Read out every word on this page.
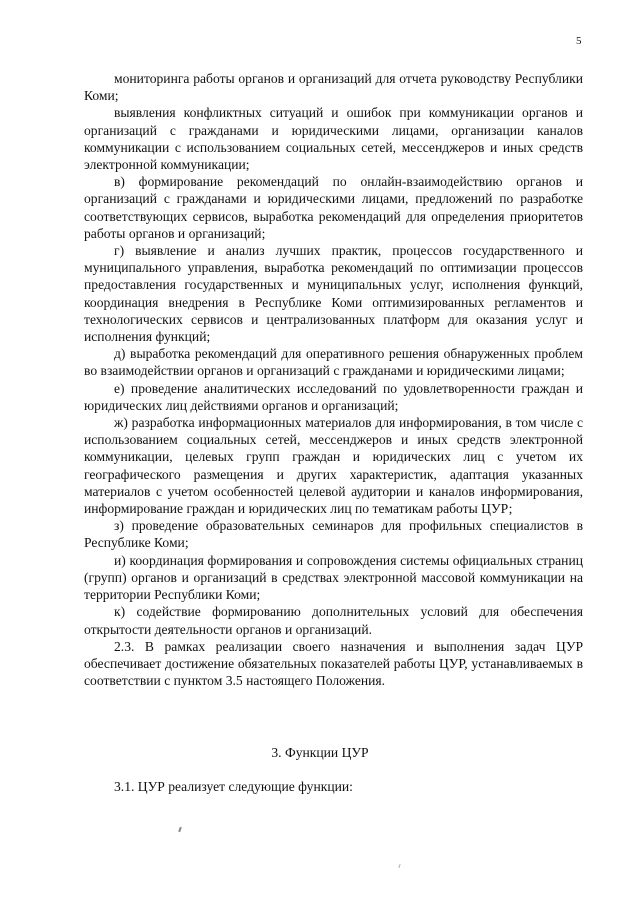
5

мониторинга работы органов и организаций для отчета руководству Республики Коми;

выявления конфликтных ситуаций и ошибок при коммуникации органов и организаций с гражданами и юридическими лицами, организации каналов коммуникации с использованием социальных сетей, мессенджеров и иных средств электронной коммуникации;

в) формирование рекомендаций по онлайн-взаимодействию органов и организаций с гражданами и юридическими лицами, предложений по разработке соответствующих сервисов, выработка рекомендаций для определения приоритетов работы органов и организаций;

г) выявление и анализ лучших практик, процессов государственного и муниципального управления, выработка рекомендаций по оптимизации процессов предоставления государственных и муниципальных услуг, исполнения функций, координация внедрения в Республике Коми оптимизированных регламентов и технологических сервисов и централизованных платформ для оказания услуг и исполнения функций;

д) выработка рекомендаций для оперативного решения обнаруженных проблем во взаимодействии органов и организаций с гражданами и юридическими лицами;

е) проведение аналитических исследований по удовлетворенности граждан и юридических лиц действиями органов и организаций;

ж) разработка информационных материалов для информирования, в том числе с использованием социальных сетей, мессенджеров и иных средств электронной коммуникации, целевых групп граждан и юридических лиц с учетом их географического размещения и других характеристик, адаптация указанных материалов с учетом особенностей целевой аудитории и каналов информирования, информирование граждан и юридических лиц по тематикам работы ЦУР;

з) проведение образовательных семинаров для профильных специалистов в Республике Коми;

и) координация формирования и сопровождения системы официальных страниц (групп) органов и организаций в средствах электронной массовой коммуникации на территории Республики Коми;

к) содействие формированию дополнительных условий для обеспечения открытости деятельности органов и организаций.

2.3. В рамках реализации своего назначения и выполнения задач ЦУР обеспечивает достижение обязательных показателей работы ЦУР, устанавливаемых в соответствии с пунктом 3.5 настоящего Положения.

3. Функции ЦУР
3.1. ЦУР реализует следующие функции:
